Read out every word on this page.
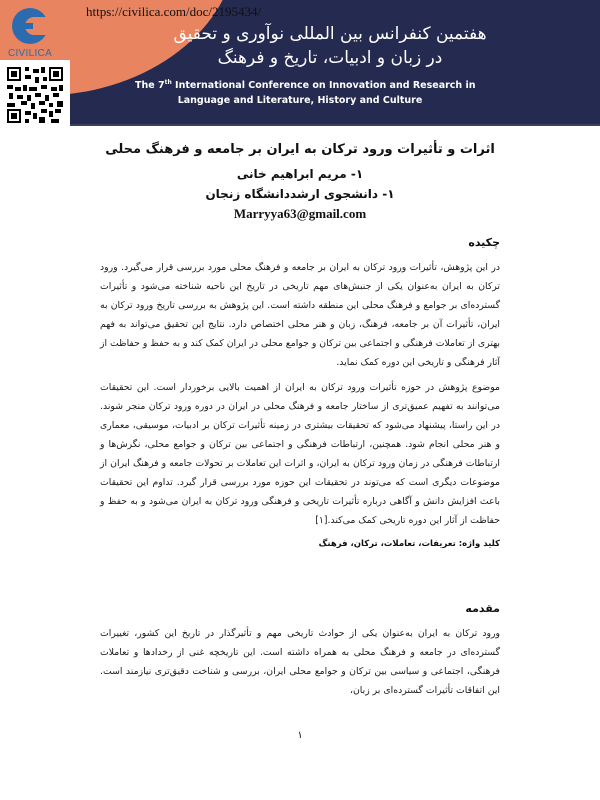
CIVILICA
https://civilica.com/doc/2195434/
هفتمین کنفرانس بین المللی نوآوری و تحقیق
در زبان و ادبیات، تاریخ و فرهنگ
The 7th International Conference on Innovation and Research in
Language and Literature, History and Culture
اثرات و تأثیرات ورود ترکان به ایران بر جامعه و فرهنگ محلی
۱- مریم ابراهیم خانی
۱- دانشجوی ارشددانشگاه زنجان
Marryya63@gmail.com
چکیده

در این پژوهش، تأثیرات ورود ترکان به ایران بر جامعه و فرهنگ محلی مورد بررسی قرار می‌گیرد. ورود ترکان به ایران به‌عنوان یکی از جنبش‌های مهم تاریخی در تاریخ این ناحیه شناخته می‌شود و تأثیرات گسترده‌ای بر جوامع و فرهنگ محلی این منطقه داشته است. این پژوهش به بررسی تاریخ ورود ترکان به ایران، تأثیرات آن بر جامعه، فرهنگ، زبان و هنر محلی اختصاص دارد. نتایج این تحقیق می‌تواند به فهم بهتری از تعاملات فرهنگی و اجتماعی بین ترکان و جوامع محلی در ایران کمک کند و به حفظ و حفاظت از آثار فرهنگی و تاریخی این دوره کمک نماید.

موضوع پژوهش در حوزه تأثیرات ورود ترکان به ایران از اهمیت بالایی برخوردار است. این تحقیقات می‌توانند به تفهیم عمیق‌تری از ساختار جامعه و فرهنگ محلی در ایران در دوره ورود ترکان منجر شوند. در این راستا، پیشنهاد می‌شود که تحقیقات بیشتری در زمینه تأثیرات ترکان بر ادبیات، موسیقی، معماری و هنر محلی انجام شود. همچنین، ارتباطات فرهنگی و اجتماعی بین ترکان و جوامع محلی، نگرش‌ها و ارتباطات فرهنگی در زمان ورود ترکان به ایران، و اثرات این تعاملات بر تحولات جامعه و فرهنگ ایران از موضوعات دیگری است که می‌توند در تحقیقات این حوزه مورد بررسی قرار گیرد. تداوم این تحقیقات باعث افزایش دانش و آگاهی درباره تأثیرات تاریخی و فرهنگی ورود ترکان به ایران می‌شود و به حفظ و حفاظت از آثار این دوره تاریخی کمک می‌کند.[۱]

کلید واژه: تعریفات، تعاملات، ترکان، فرهنگ
مقدمه

ورود ترکان به ایران به‌عنوان یکی از حوادث تاریخی مهم و تأثیرگذار در تاریخ این کشور، تغییرات گسترده‌ای در جامعه و فرهنگ محلی به همراه داشته است. این تاریخچه غنی از رخدادها و تعاملات فرهنگی، اجتماعی و سیاسی بین ترکان و جوامع محلی ایران، بررسی و شناخت دقیق‌تری نیازمند است. این اتفاقات تأثیرات گسترده‌ای بر زبان،

۱
